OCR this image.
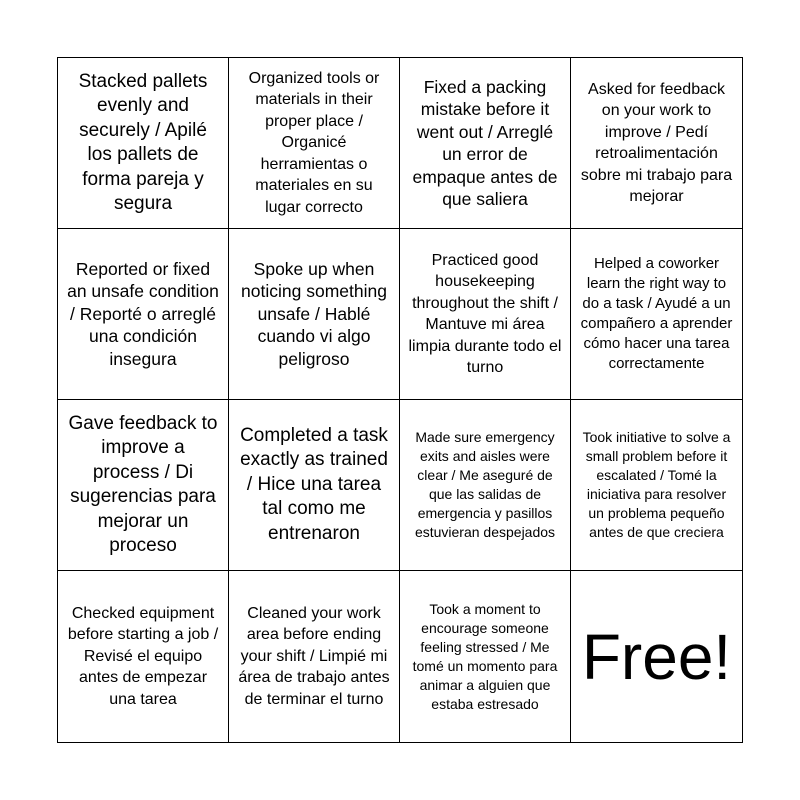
Stacked pallets evenly and securely / Apilé los pallets de forma pareja y segura
Organized tools or materials in their proper place / Organicé herramientas o materiales en su lugar correcto
Fixed a packing mistake before it went out / Arreglé un error de empaque antes de que saliera
Asked for feedback on your work to improve / Pedí retroalimentación sobre mi trabajo para mejorar
Reported or fixed an unsafe condition / Reporté o arreglé una condición insegura
Spoke up when noticing something unsafe / Hablé cuando vi algo peligroso
Practiced good housekeeping throughout the shift / Mantuve mi área limpia durante todo el turno
Helped a coworker learn the right way to do a task / Ayudé a un compañero a aprender cómo hacer una tarea correctamente
Gave feedback to improve a process / Di sugerencias para mejorar un proceso
Completed a task exactly as trained / Hice una tarea tal como me entrenaron
Made sure emergency exits and aisles were clear / Me aseguré de que las salidas de emergencia y pasillos estuvieran despejados
Took initiative to solve a small problem before it escalated / Tomé la iniciativa para resolver un problema pequeño antes de que creciera
Checked equipment before starting a job / Revisé el equipo antes de empezar una tarea
Cleaned your work area before ending your shift / Limpié mi área de trabajo antes de terminar el turno
Took a moment to encourage someone feeling stressed / Me tomé un momento para animar a alguien que estaba estresado
Free!
